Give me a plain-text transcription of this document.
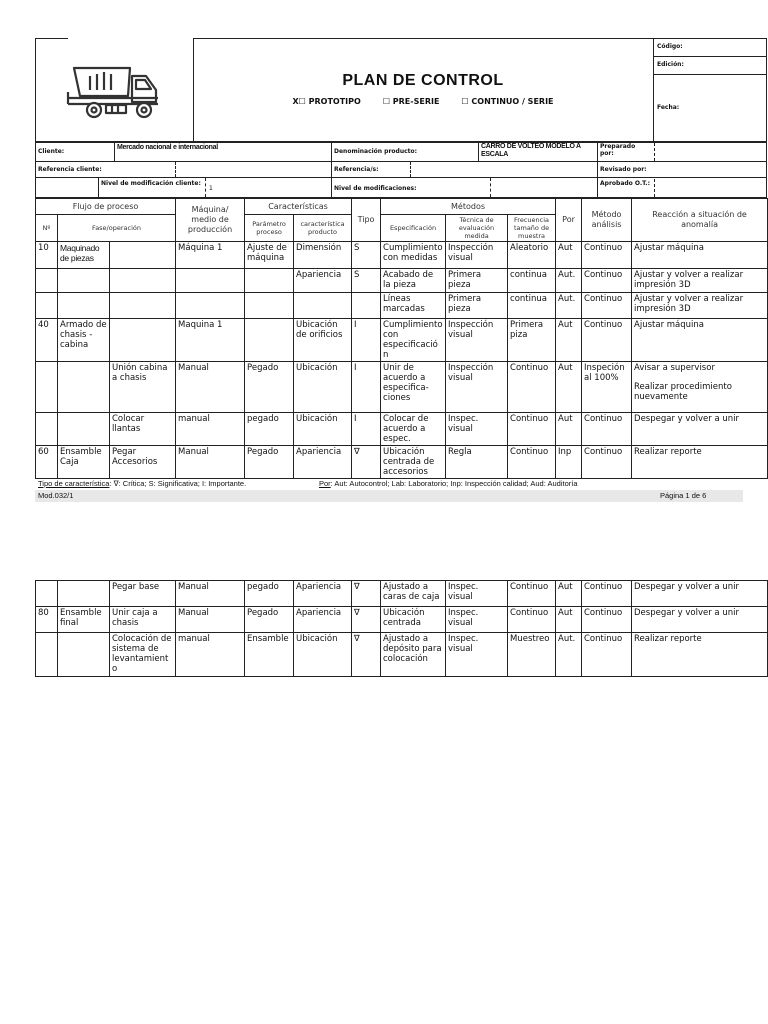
PLAN DE CONTROL
X☐ PROTOTIPO	☐ PRE-SERIE	☐ CONTINUO / SERIE
Código:
Edición:
Fecha:
Cliente:
Mercado nacional e internacional
Denominación producto:
CARRO DE VOLTEO MODELO A ESCALA
Preparado por:
Referencia cliente:	Referencia/s:	Revisado por:
Nivel de modificación cliente:
1	Nivel de modificaciones:
Aprobado O.T.:
Flujo de proceso			Máquina/ medio de producción	Características		Tipo	Métodos			Por	Método análisis	Reacción a situación de anomalía
Nº	Fase/operación			Parámetro proceso	característica producto		Especificación	Técnica de evaluación medida	Frecuencia tamaño de muestra			
10	Maquinado de piezas		Máquina 1	Ajuste de máquina	Dimensión	S	Cumplimiento con medidas	Inspección visual	Aleatorio	Aut	Continuo	Ajustar máquina
					Apariencia	S	Acabado de la pieza	Primera pieza	continua	Aut.	Continuo	Ajustar y volver a realizar impresión 3D
							Líneas marcadas	Primera pieza	continua	Aut.	Continuo	Ajustar y volver a realizar impresión 3D
40	Armado de chasis - cabina		Maquina 1		Ubicación de orificios	I	Cumplimiento con especificación	Inspección visual	Primera piza	Aut	Continuo	Ajustar máquina
		Unión cabina a chasis	Manual	Pegado	Ubicación	I	Unir de acuerdo a especifica-ciones	Inspección visual	Continuo	Aut	Inspeción al 100%	Avisar a supervisor
Realizar procedimiento nuevamente

		Colocar llantas	manual	pegado	Ubicación	I	Colocar de acuerdo a espec.	Inspec. visual	Continuo	Aut	Continuo	Despegar y volver a unir
60	Ensamble Caja	Pegar Accesorios	Manual	Pegado	Apariencia	∇	Ubicación centrada de accesorios	Regla	Continuo	Inp	Continuo	Realizar reporte
Tipo de característica: ∇: Crítica; S: Significativa; I: Importante.	Por: Aut: Autocontrol; Lab: Laboratorio; Inp: Inspección calidad; Aud: Auditoría
Mod.032/1	Página 1 de 6
		Pegar base	Manual	pegado	Apariencia	∇	Ajustado a caras de caja	Inspec. visual	Continuo	Aut	Continuo	Despegar y volver a unir
80	Ensamble final	Unir caja a chasis	Manual	Pegado	Apariencia	∇	Ubicación centrada	Inspec. visual	Continuo	Aut	Continuo	Despegar y volver a unir
		Colocación de sistema de levantamient o	manual	Ensamble	Ubicación	∇	Ajustado a depósito para colocación	Inspec. visual	Muestreo	Aut.	Continuo	Realizar reporte
